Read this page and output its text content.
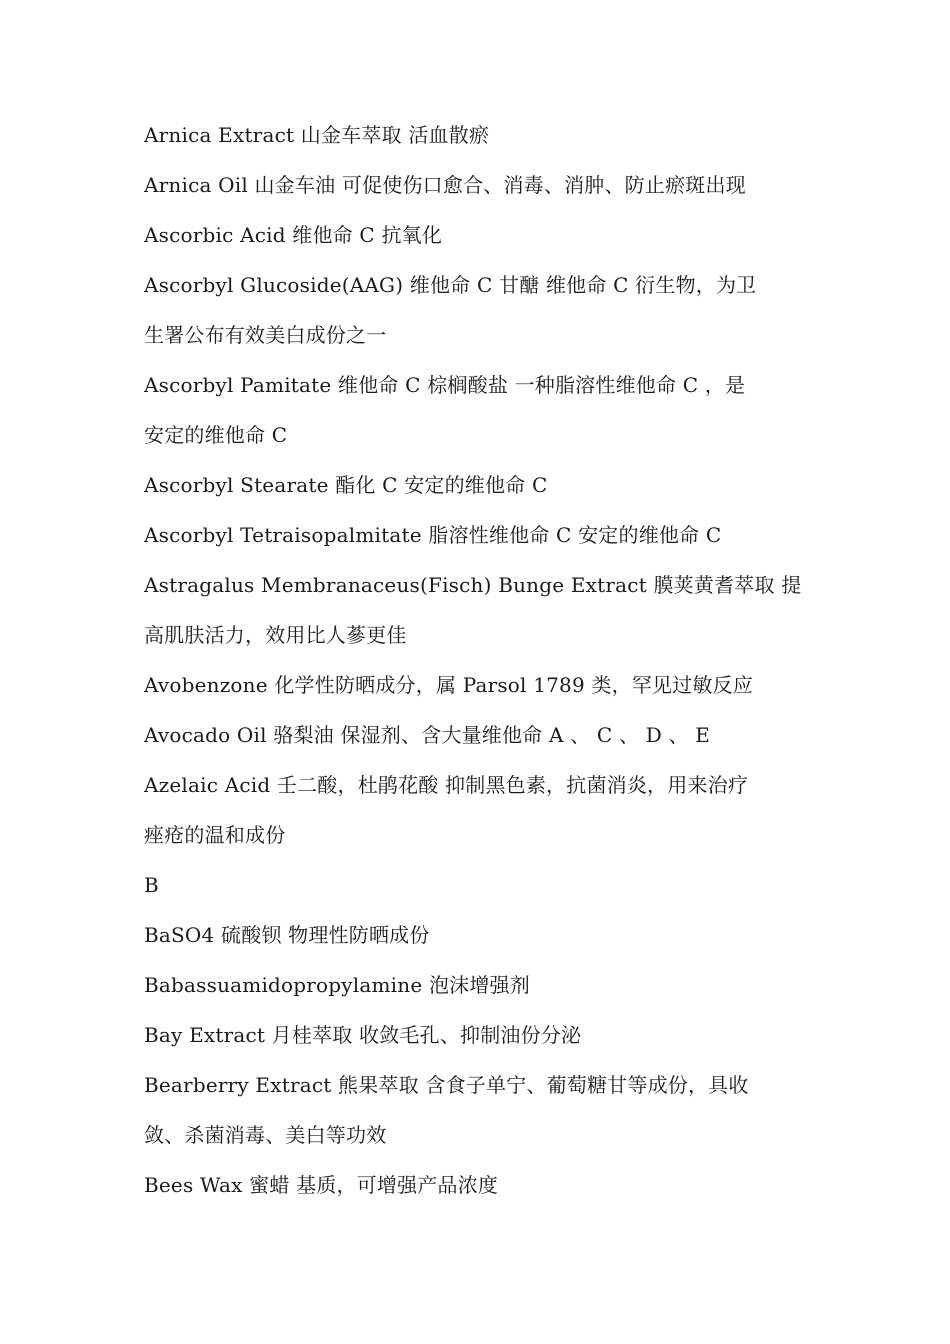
Arnica Extract 山金车萃取 活血散瘀
Arnica Oil 山金车油 可促使伤口愈合、消毒、消肿、防止瘀斑出现
Ascorbic Acid 维他命 C 抗氧化
Ascorbyl Glucoside(AAG) 维他命 C 甘醣 维他命 C 衍生物，为卫
生署公布有效美白成份之一
Ascorbyl Pamitate 维他命 C 棕榈酸盐 一种脂溶性维他命 C ，是
安定的维他命 C
Ascorbyl Stearate 酯化 C 安定的维他命 C
Ascorbyl Tetraisopalmitate 脂溶性维他命 C 安定的维他命 C
Astragalus Membranaceus(Fisch) Bunge Extract 膜荚黄耆萃取 提
高肌肤活力，效用比人蔘更佳
Avobenzone 化学性防晒成分，属 Parsol 1789 类，罕见过敏反应
Avocado Oil 骆梨油 保湿剂、含大量维他命 A 、 C 、 D 、 E
Azelaic Acid 壬二酸，杜鹃花酸 抑制黑色素，抗菌消炎，用来治疗
痤疮的温和成份
B
BaSO4 硫酸钡 物理性防晒成份
Babassuamidopropylamine 泡沫增强剂
Bay Extract 月桂萃取 收敛毛孔、抑制油份分泌
Bearberry Extract 熊果萃取 含食子单宁、葡萄糖甘等成份，具收
敛、杀菌消毒、美白等功效
Bees Wax 蜜蜡 基质，可增强产品浓度
